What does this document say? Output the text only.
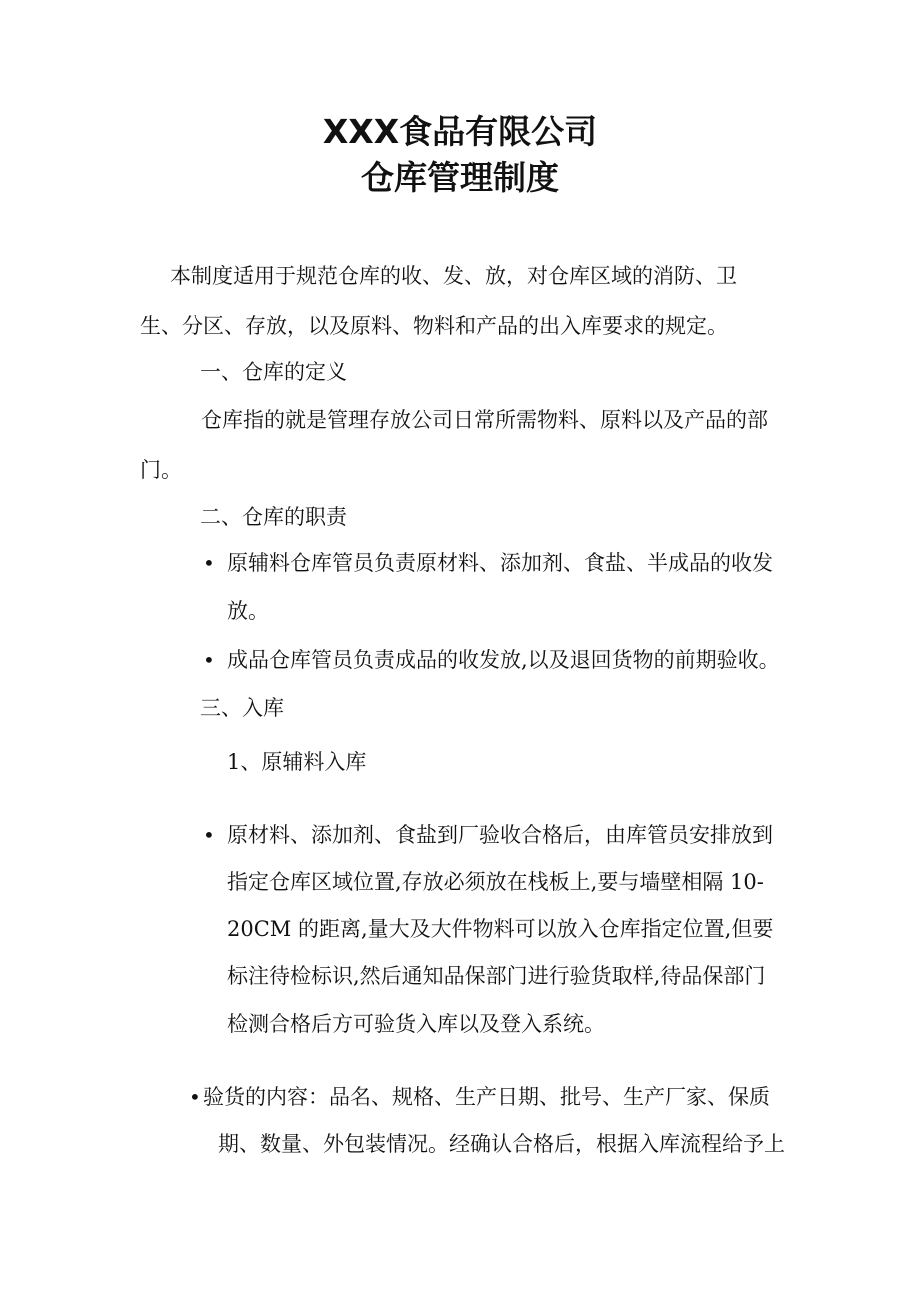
XXX食品有限公司
仓库管理制度

本制度适用于规范仓库的收、发、放，对仓库区域的消防、卫

生、分区、存放，以及原料、物料和产品的出入库要求的规定。

一、仓库的定义

仓库指的就是管理存放公司日常所需物料、原料以及产品的部

门。

二、仓库的职责

• 原辅料仓库管员负责原材料、添加剂、食盐、半成品的收发

放。

• 成品仓库管员负责成品的收发放,以及退回货物的前期验收。

三、入库

1、原辅料入库

• 原材料、添加剂、食盐到厂验收合格后，由库管员安排放到

指定仓库区域位置,存放必须放在栈板上,要与墙壁相隔 10-

20CM 的距离,量大及大件物料可以放入仓库指定位置,但要

标注待检标识,然后通知品保部门进行验货取样,待品保部门

检测合格后方可验货入库以及登入系统。

• 验货的内容：品名、规格、生产日期、批号、生产厂家、保质

期、数量、外包装情况。经确认合格后，根据入库流程给予上
